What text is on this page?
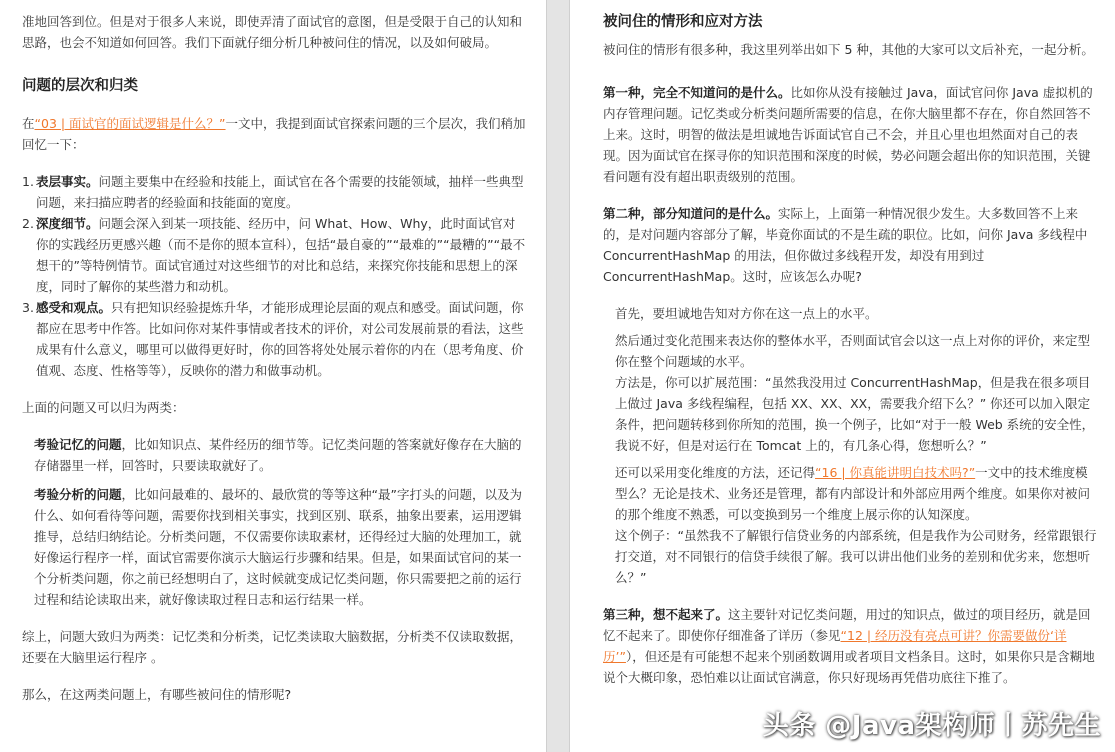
准地回答到位。但是对于很多人来说，即使弄清了面试官的意图，但是受限于自己的认知和思路，也会不知道如何回答。我们下面就仔细分析几种被问住的情况，以及如何破局。

问题的层次和归类

在“03 | 面试官的面试逻辑是什么？”一文中，我提到面试官探索问题的三个层次，我们稍加回忆一下：

1. 表层事实。问题主要集中在经验和技能上，面试官在各个需要的技能领域，抽样一些典型问题，来扫描应聘者的经验面和技能面的宽度。
2. 深度细节。问题会深入到某一项技能、经历中，问 What、How、Why，此时面试官对你的实践经历更感兴趣（而不是你的照本宣科），包括“最自豪的”“最难的”“最糟的”“最不想干的”等特例情节。面试官通过对这些细节的对比和总结，来探究你技能和思想上的深度，同时了解你的某些潜力和动机。
3. 感受和观点。只有把知识经验提炼升华，才能形成理论层面的观点和感受。面试问题，你都应在思考中作答。比如问你对某件事情或者技术的评价，对公司发展前景的看法，这些成果有什么意义，哪里可以做得更好时，你的回答将处处展示着你的内在（思考角度、价值观、态度、性格等等），反映你的潜力和做事动机。

上面的问题又可以归为两类：

考验记忆的问题，比如知识点、某件经历的细节等。记忆类问题的答案就好像存在大脑的存储器里一样，回答时，只要读取就好了。

考验分析的问题，比如问最难的、最坏的、最欣赏的等等这种“最”字打头的问题，以及为什么、如何看待等问题，需要你找到相关事实，找到区别、联系，抽象出要素，运用逻辑推导，总结归纳结论。分析类问题，不仅需要你读取素材，还得经过大脑的处理加工，就好像运行程序一样，面试官需要你演示大脑运行步骤和结果。但是，如果面试官问的某一个分析类问题，你之前已经想明白了，这时候就变成记忆类问题，你只需要把之前的运行过程和结论读取出来，就好像读取过程日志和运行结果一样。

综上，问题大致归为两类：记忆类和分析类，记忆类读取大脑数据，分析类不仅读取数据，还要在大脑里运行程序 。

那么，在这两类问题上，有哪些被问住的情形呢?

被问住的情形和应对方法

被问住的情形有很多种，我这里列举出如下 5 种，其他的大家可以文后补充，一起分析。

第一种，完全不知道问的是什么。比如你从没有接触过 Java，面试官问你 Java 虚拟机的内存管理问题。记忆类或分析类问题所需要的信息，在你大脑里都不存在，你自然回答不上来。这时，明智的做法是坦诚地告诉面试官自己不会，并且心里也坦然面对自己的表现。因为面试官在探寻你的知识范围和深度的时候，势必问题会超出你的知识范围，关键看问题有没有超出职责级别的范围。

第二种，部分知道问的是什么。实际上，上面第一种情况很少发生。大多数回答不上来的，是对问题内容部分了解，毕竟你面试的不是生疏的职位。比如，问你 Java 多线程中 ConcurrentHashMap 的用法，但你做过多线程开发，却没有用到过 ConcurrentHashMap。这时，应该怎么办呢?

首先，要坦诚地告知对方你在这一点上的水平。

然后通过变化范围来表达你的整体水平，否则面试官会以这一点上对你的评价，来定型你在整个问题域的水平。

方法是，你可以扩展范围：“虽然我没用过 ConcurrentHashMap，但是我在很多项目上做过 Java 多线程编程，包括 XX、XX、XX，需要我介绍下么？” 你还可以加入限定条件，把问题转移到你所知的范围，换一个例子，比如“对于一般 Web 系统的安全性，我说不好，但是对运行在 Tomcat 上的，有几条心得，您想听么？”

还可以采用变化维度的方法，还记得“16 | 你真能讲明白技术吗?”一文中的技术维度模型么？无论是技术、业务还是管理，都有内部设计和外部应用两个维度。如果你对被问的那个维度不熟悉，可以变换到另一个维度上展示你的认知深度。

这个例子：“虽然我不了解银行信贷业务的内部系统，但是我作为公司财务，经常跟银行打交道，对不同银行的信贷手续很了解。我可以讲出他们业务的差别和优劣来，您想听么？”

第三种，想不起来了。这主要针对记忆类问题，用过的知识点，做过的项目经历，就是回忆不起来了。即使你仔细准备了详历（参见“12 | 经历没有亮点可讲？你需要做份‘详历’”），但还是有可能想不起来个别函数调用或者项目文档条目。这时，如果你只是含糊地说个大概印象，恐怕难以让面试官满意，你只好现场再凭借功底往下推了。

头条 @Java架构师丨苏先生
